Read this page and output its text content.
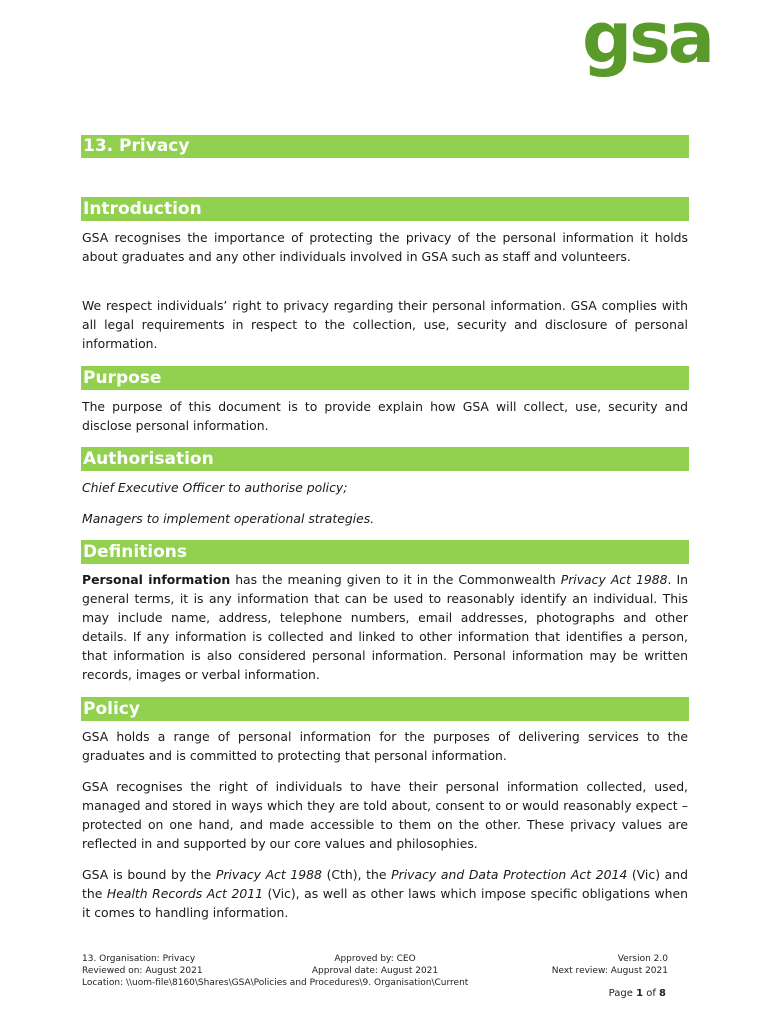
gsa
13. Privacy
Introduction

GSA recognises the importance of protecting the privacy of the personal information it holds about graduates and any other individuals involved in GSA such as staff and volunteers.

We respect individuals’ right to privacy regarding their personal information. GSA complies with all legal requirements in respect to the collection, use, security and disclosure of personal information.

Purpose

The purpose of this document is to provide explain how GSA will collect, use, security and disclose personal information.

Authorisation

Chief Executive Officer to authorise policy;

Managers to implement operational strategies.

Definitions

Personal information has the meaning given to it in the Commonwealth Privacy Act 1988. In general terms, it is any information that can be used to reasonably identify an individual. This may include name, address, telephone numbers, email addresses, photographs and other details. If any information is collected and linked to other information that identifies a person, that information is also considered personal information. Personal information may be written records, images or verbal information.

Policy

GSA holds a range of personal information for the purposes of delivering services to the graduates and is committed to protecting that personal information.

GSA recognises the right of individuals to have their personal information collected, used, managed and stored in ways which they are told about, consent to or would reasonably expect – protected on one hand, and made accessible to them on the other. These privacy values are reflected in and supported by our core values and philosophies.

GSA is bound by the Privacy Act 1988 (Cth), the Privacy and Data Protection Act 2014 (Vic) and the Health Records Act 2011 (Vic), as well as other laws which impose specific obligations when it comes to handling information.

13. Organisation: Privacy	Approved by: CEO	Version 2.0
Reviewed on: August 2021	Approval date: August 2021	Next review: August 2021
Location: \\uom-file\8160\Shares\GSA\Policies and Procedures\9. Organisation\Current
Page 1 of 8
